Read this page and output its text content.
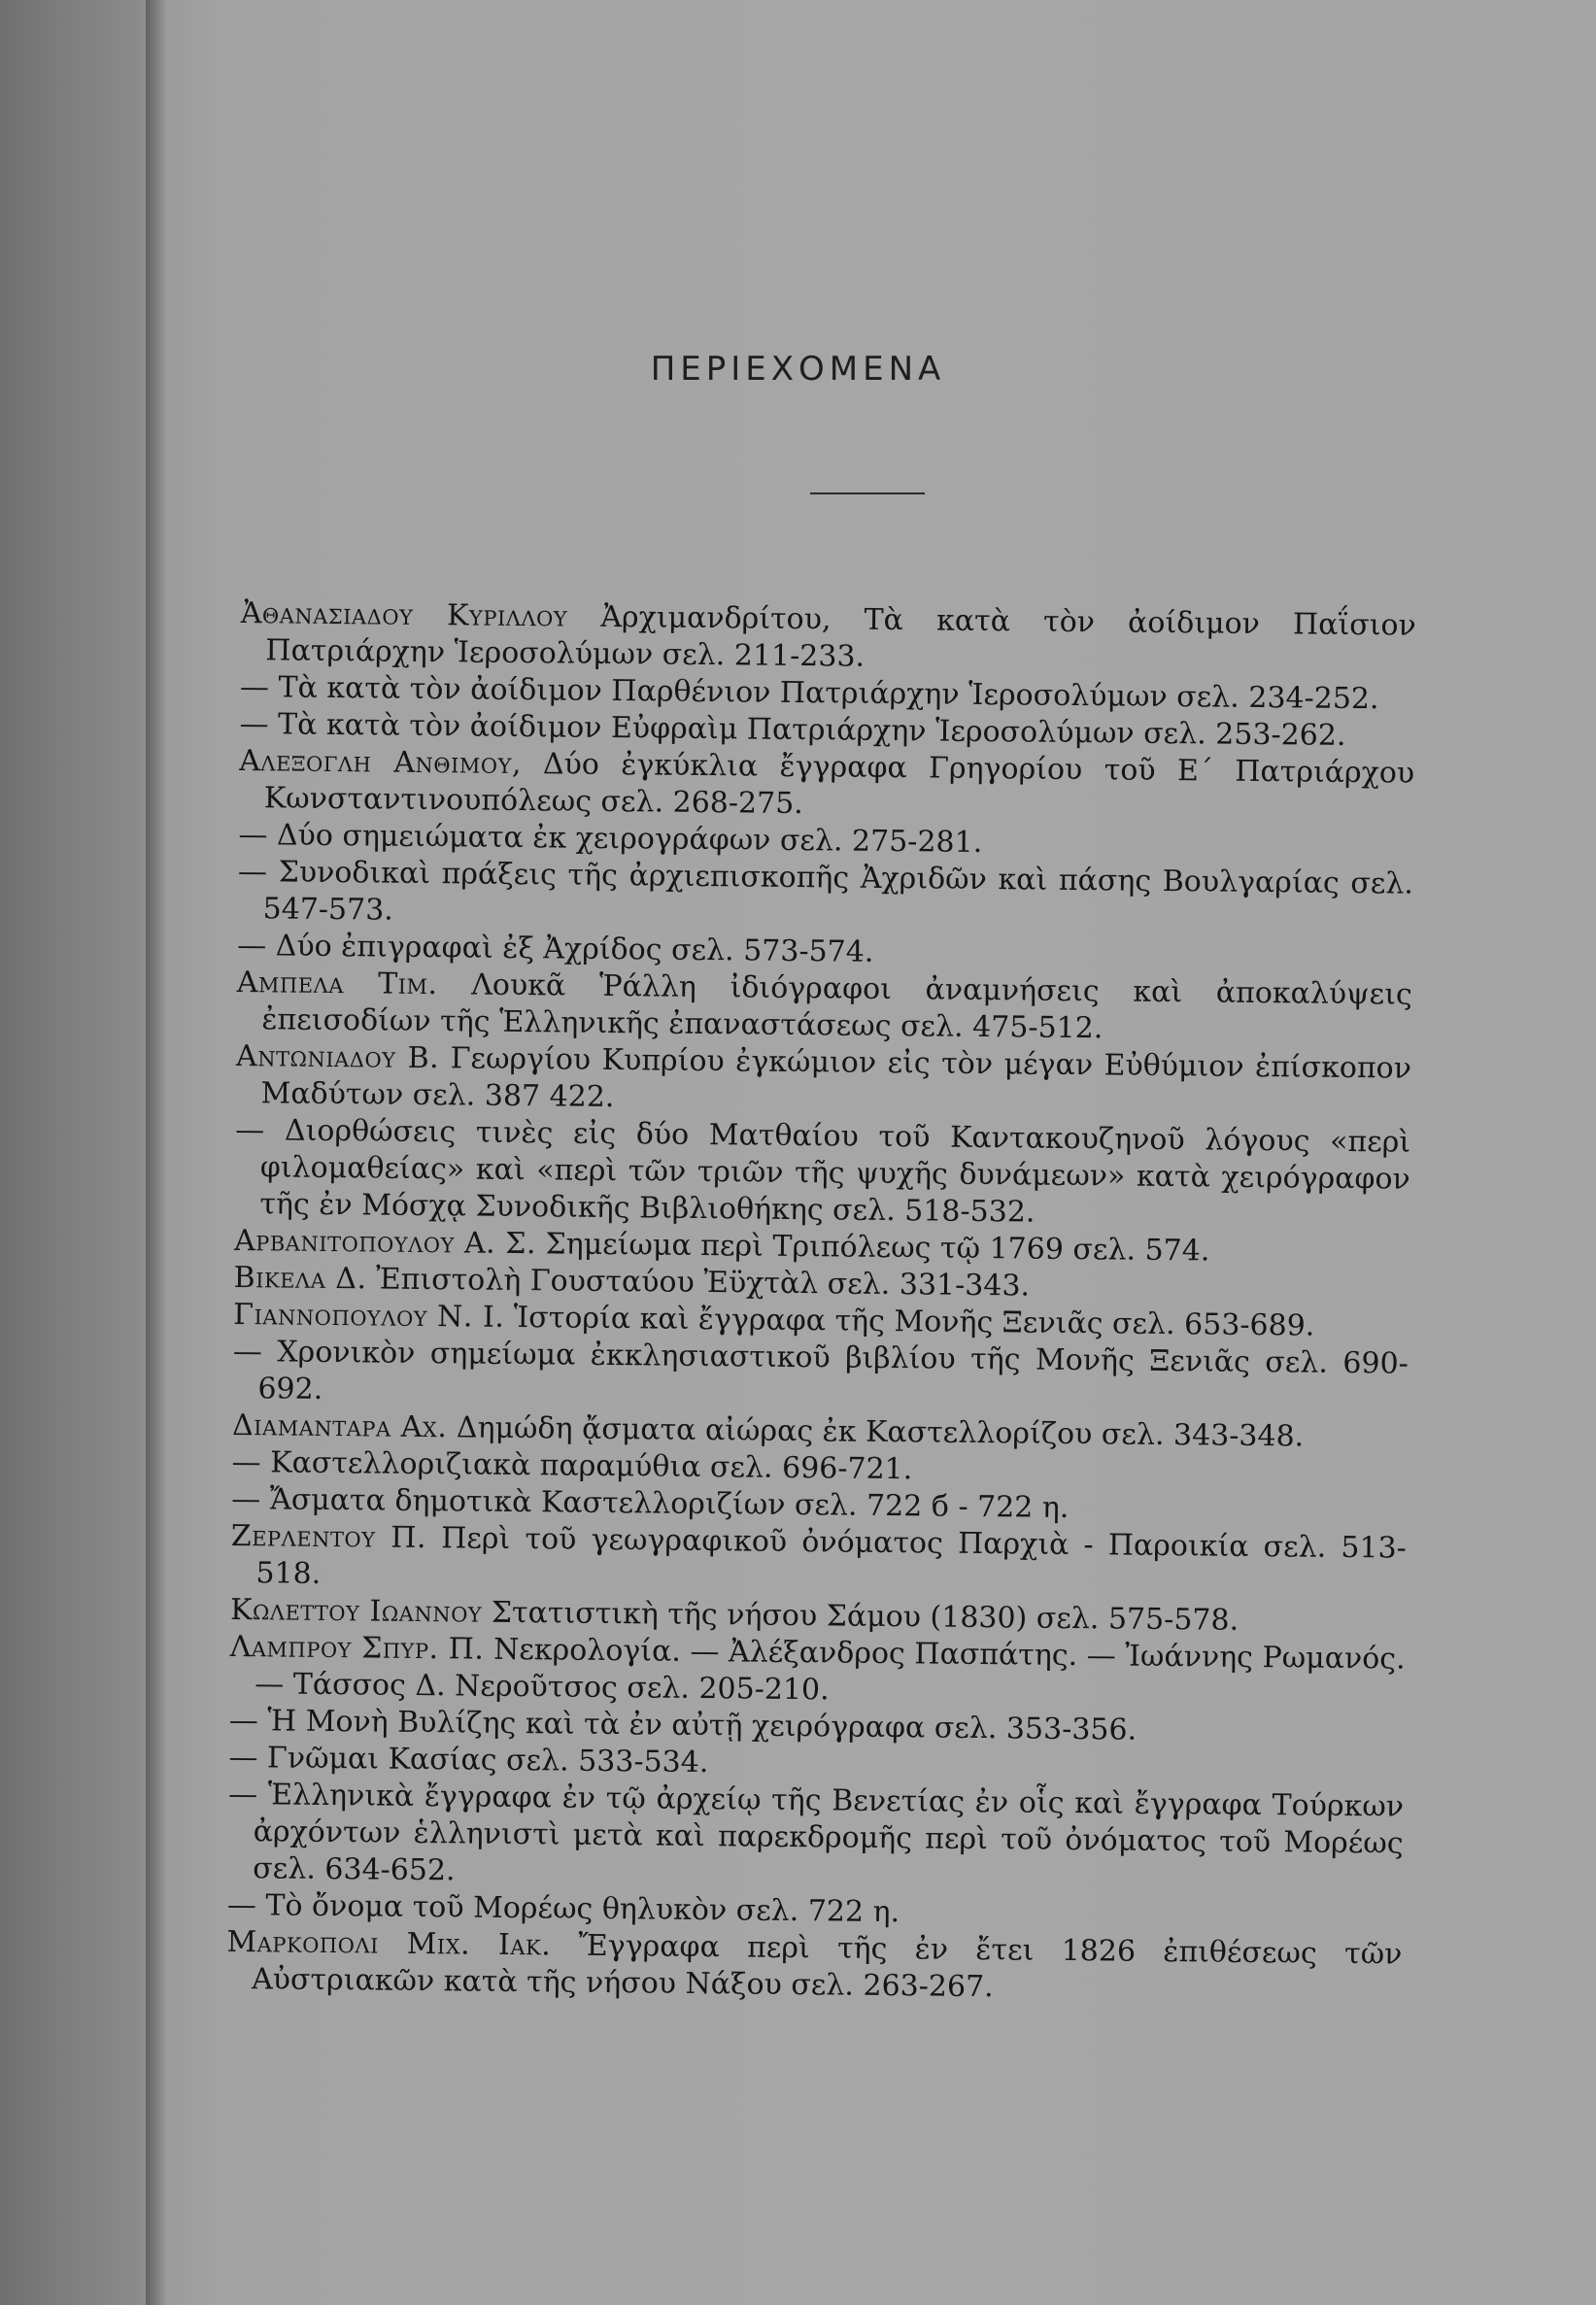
ΠΕΡΙΕΧΟΜΕΝΑ

Ἀθανασιαδου Κυριλλου Ἀρχιμανδρίτου, Τὰ κατὰ τὸν ἀοίδιμον Παΐσιον Πατριάρχην Ἱεροσολύμων σελ. 211-233.

— Τὰ κατὰ τὸν ἀοίδιμον Παρθένιον Πατριάρχην Ἱεροσολύμων σελ. 234-252.

— Τὰ κατὰ τὸν ἀοίδιμον Εὐφραὶμ Πατριάρχην Ἱεροσολύμων σελ. 253-262.

Αλεξογλη Ανθιμου, Δύο ἐγκύκλια ἔγγραφα Γρηγορίου τοῦ Ε΄ Πατριάρχου Κωνσταντινουπόλεως σελ. 268-275.

— Δύο σημειώματα ἐκ χειρογράφων σελ. 275-281.

— Συνοδικαὶ πράξεις τῆς ἀρχιεπισκοπῆς Ἀχριδῶν καὶ πάσης Βουλγαρίας σελ. 547-573.

— Δύο ἐπιγραφαὶ ἐξ Ἀχρίδος σελ. 573-574.

Αμπελα Τιμ. Λουκᾶ Ῥάλλη ἰδιόγραφοι ἀναμνήσεις καὶ ἀποκαλύψεις ἐπεισοδίων τῆς Ἑλληνικῆς ἐπαναστάσεως σελ. 475-512.

Αντωνιαδου Β. Γεωργίου Κυπρίου ἐγκώμιον εἰς τὸν μέγαν Εὐθύμιον ἐπίσκοπον Μαδύτων σελ. 387 422.

— Διορθώσεις τινὲς εἰς δύο Ματθαίου τοῦ Καντακουζηνοῦ λόγους «περὶ φιλομαθείας» καὶ «περὶ τῶν τριῶν τῆς ψυχῆς δυνάμεων» κατὰ χειρόγραφον τῆς ἐν Μόσχᾳ Συνοδικῆς Βιβλιοθήκης σελ. 518-532.

Αρβανιτοπουλου Α. Σ. Σημείωμα περὶ Τριπόλεως τῷ 1769 σελ. 574.

Βικελα Δ. Ἐπιστολὴ Γουσταύου Ἐϋχτὰλ σελ. 331-343.

Γιαννοπουλου Ν. Ι. Ἱστορία καὶ ἔγγραφα τῆς Μονῆς Ξενιᾶς σελ. 653-689.

— Χρονικὸν σημείωμα ἐκκλησιαστικοῦ βιβλίου τῆς Μονῆς Ξενιᾶς σελ. 690-692.

Διαμανταρα Αχ. Δημώδη ᾄσματα αἰώρας ἐκ Καστελλορίζου σελ. 343-348.

— Καστελλοριζιακὰ παραμύθια σελ. 696-721.

— Ἄσματα δημοτικὰ Καστελλοριζίων σελ. 722 б - 722 η.

Ζερλεντου Π. Περὶ τοῦ γεωγραφικοῦ ὀνόματος Παρχιὰ - Παροικία σελ. 513-518.

Κωλεττου Ιωαννου Στατιστικὴ τῆς νήσου Σάμου (1830) σελ. 575-578.

Λαμπρου Σπυρ. Π. Νεκρολογία. — Ἀλέξανδρος Πασπάτης. — Ἰωάννης Ρωμανός. — Τάσσος Δ. Νεροῦτσος σελ. 205-210.

— Ἡ Μονὴ Βυλίζης καὶ τὰ ἐν αὐτῇ χειρόγραφα σελ. 353-356.

— Γνῶμαι Κασίας σελ. 533-534.

— Ἑλληνικὰ ἔγγραφα ἐν τῷ ἀρχείῳ τῆς Βενετίας ἐν οἷς καὶ ἔγγραφα Τούρκων ἀρχόντων ἑλληνιστὶ μετὰ καὶ παρεκδρομῆς περὶ τοῦ ὀνόματος τοῦ Μορέως σελ. 634-652.

— Τὸ ὄνομα τοῦ Μορέως θηλυκὸν σελ. 722 η.

Μαρκοπολι Μιχ. Ιακ. Ἔγγραφα περὶ τῆς ἐν ἔτει 1826 ἐπιθέσεως τῶν Αὐστριακῶν κατὰ τῆς νήσου Νάξου σελ. 263-267.
